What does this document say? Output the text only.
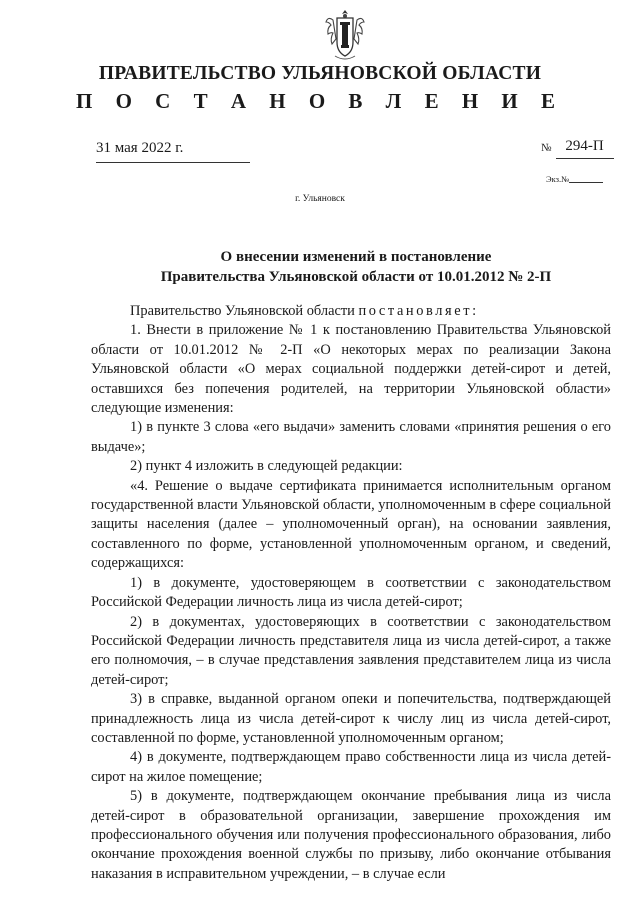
ПРАВИТЕЛЬСТВО УЛЬЯНОВСКОЙ ОБЛАСТИ
П О С Т А Н О В Л Е Н И Е
31 мая 2022 г.	№ 294-П
Экз.№
г. Ульяновск
О внесении изменений в постановление
Правительства Ульяновской области от 10.01.2012 № 2-П

Правительство Ульяновской области постановляет:

1. Внести в приложение № 1 к постановлению Правительства Ульяновской области от 10.01.2012 № 2-П «О некоторых мерах по реализации Закона Ульяновской области «О мерах социальной поддержки детей-сирот и детей, оставшихся без попечения родителей, на территории Ульяновской области» следующие изменения:

1) в пункте 3 слова «его выдачи» заменить словами «принятия решения о его выдаче»;

2) пункт 4 изложить в следующей редакции:

«4. Решение о выдаче сертификата принимается исполнительным органом государственной власти Ульяновской области, уполномоченным в сфере социальной защиты населения (далее – уполномоченный орган), на основании заявления, составленного по форме, установленной уполномоченным органом, и сведений, содержащихся:

1) в документе, удостоверяющем в соответствии с законодательством Российской Федерации личность лица из числа детей-сирот;

2) в документах, удостоверяющих в соответствии с законодательством Российской Федерации личность представителя лица из числа детей-сирот, а также его полномочия, – в случае представления заявления представителем лица из числа детей-сирот;

3) в справке, выданной органом опеки и попечительства, подтверждающей принадлежность лица из числа детей-сирот к числу лиц из числа детей-сирот, составленной по форме, установленной уполномоченным органом;

4) в документе, подтверждающем право собственности лица из числа детей-сирот на жилое помещение;

5) в документе, подтверждающем окончание пребывания лица из числа детей-сирот в образовательной организации, завершение прохождения им профессионального обучения или получения профессионального образования, либо окончание прохождения военной службы по призыву, либо окончание отбывания наказания в исправительном учреждении, – в случае если
